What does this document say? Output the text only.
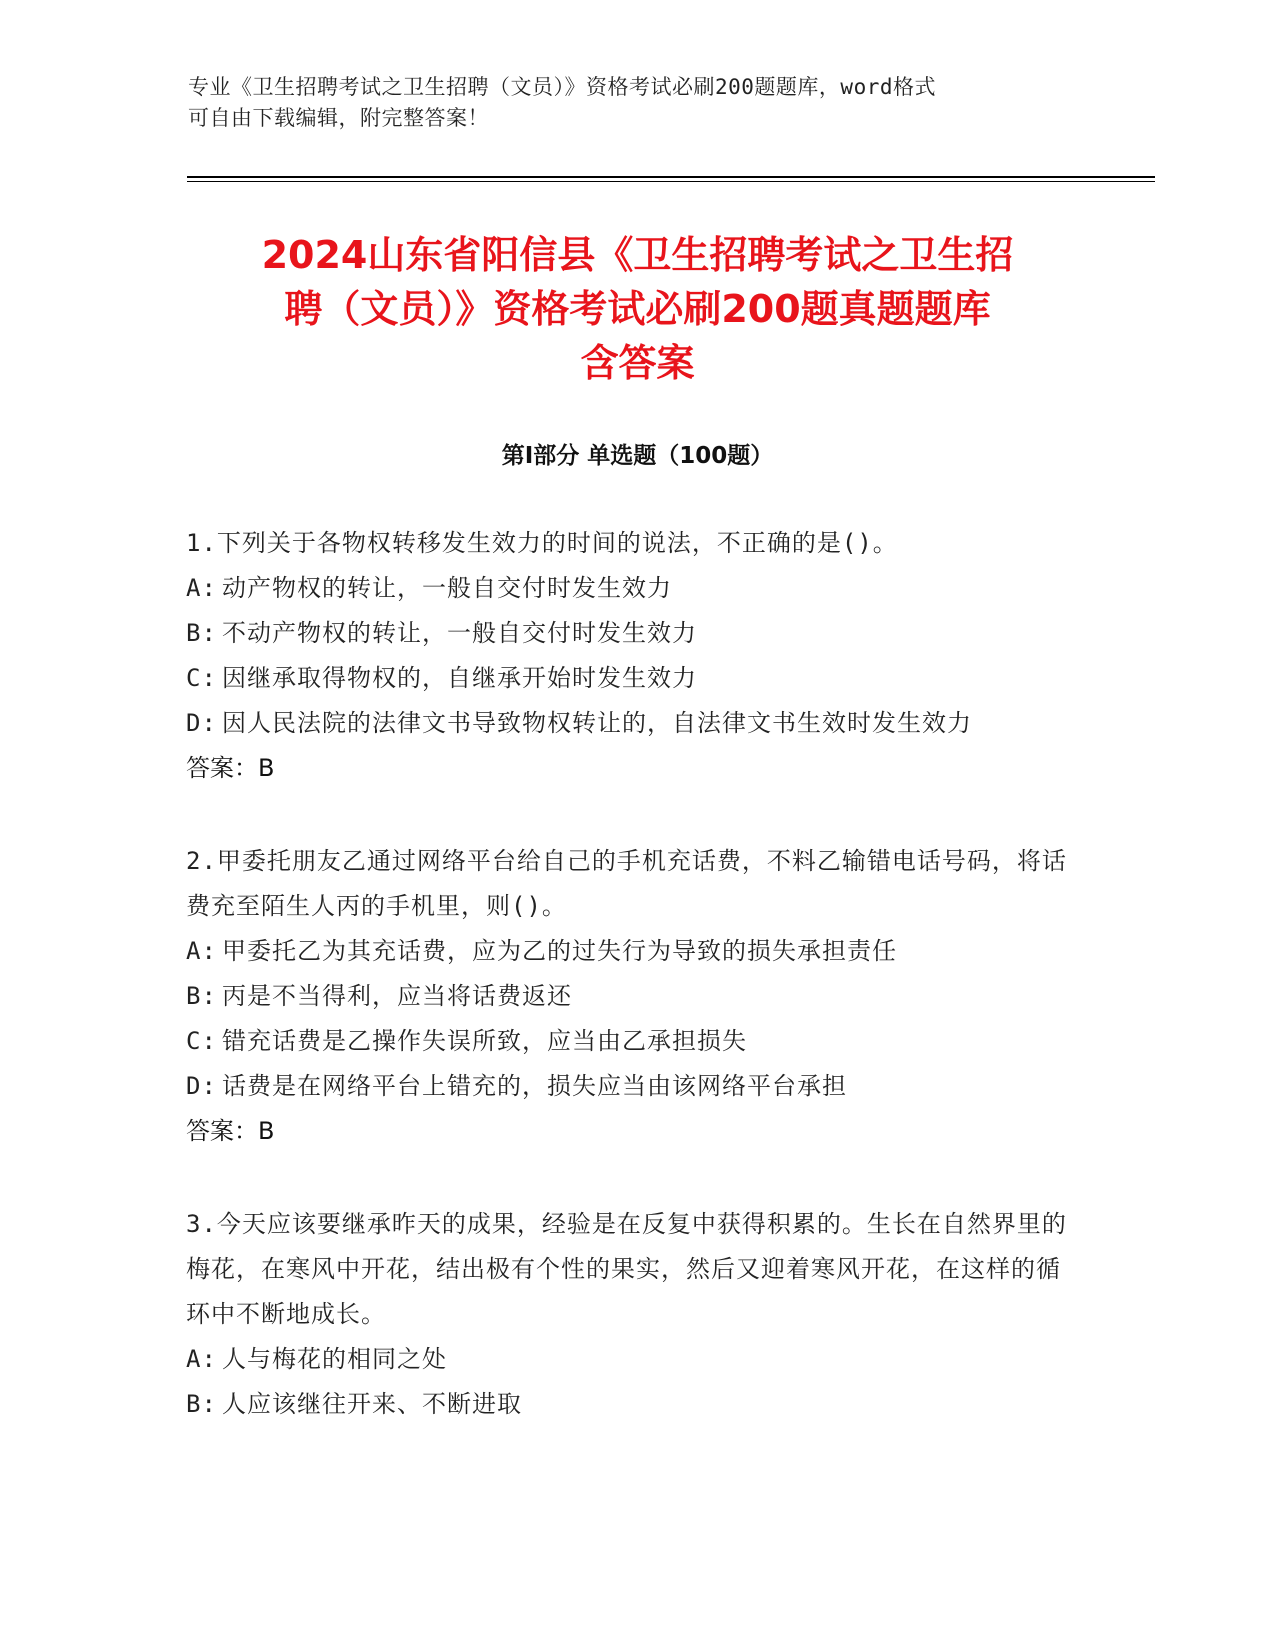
专业《卫生招聘考试之卫生招聘（文员）》资格考试必刷200题题库，word格式
可自由下载编辑，附完整答案！
2024山东省阳信县《卫生招聘考试之卫生招
聘（文员）》资格考试必刷200题真题题库
含答案
第Ⅰ部分 单选题（100题）
1.下列关于各物权转移发生效力的时间的说法，不正确的是()。
A: 动产物权的转让，一般自交付时发生效力
B: 不动产物权的转让，一般自交付时发生效力
C: 因继承取得物权的，自继承开始时发生效力
D: 因人民法院的法律文书导致物权转让的，自法律文书生效时发生效力
答案：B
2.甲委托朋友乙通过网络平台给自己的手机充话费，不料乙输错电话号码，将话费充至陌生人丙的手机里，则()。
A: 甲委托乙为其充话费，应为乙的过失行为导致的损失承担责任
B: 丙是不当得利，应当将话费返还
C: 错充话费是乙操作失误所致，应当由乙承担损失
D: 话费是在网络平台上错充的，损失应当由该网络平台承担
答案：B
3.今天应该要继承昨天的成果，经验是在反复中获得积累的。生长在自然界里的梅花，在寒风中开花，结出极有个性的果实，然后又迎着寒风开花，在这样的循环中不断地成长。
A: 人与梅花的相同之处
B: 人应该继往开来、不断进取
